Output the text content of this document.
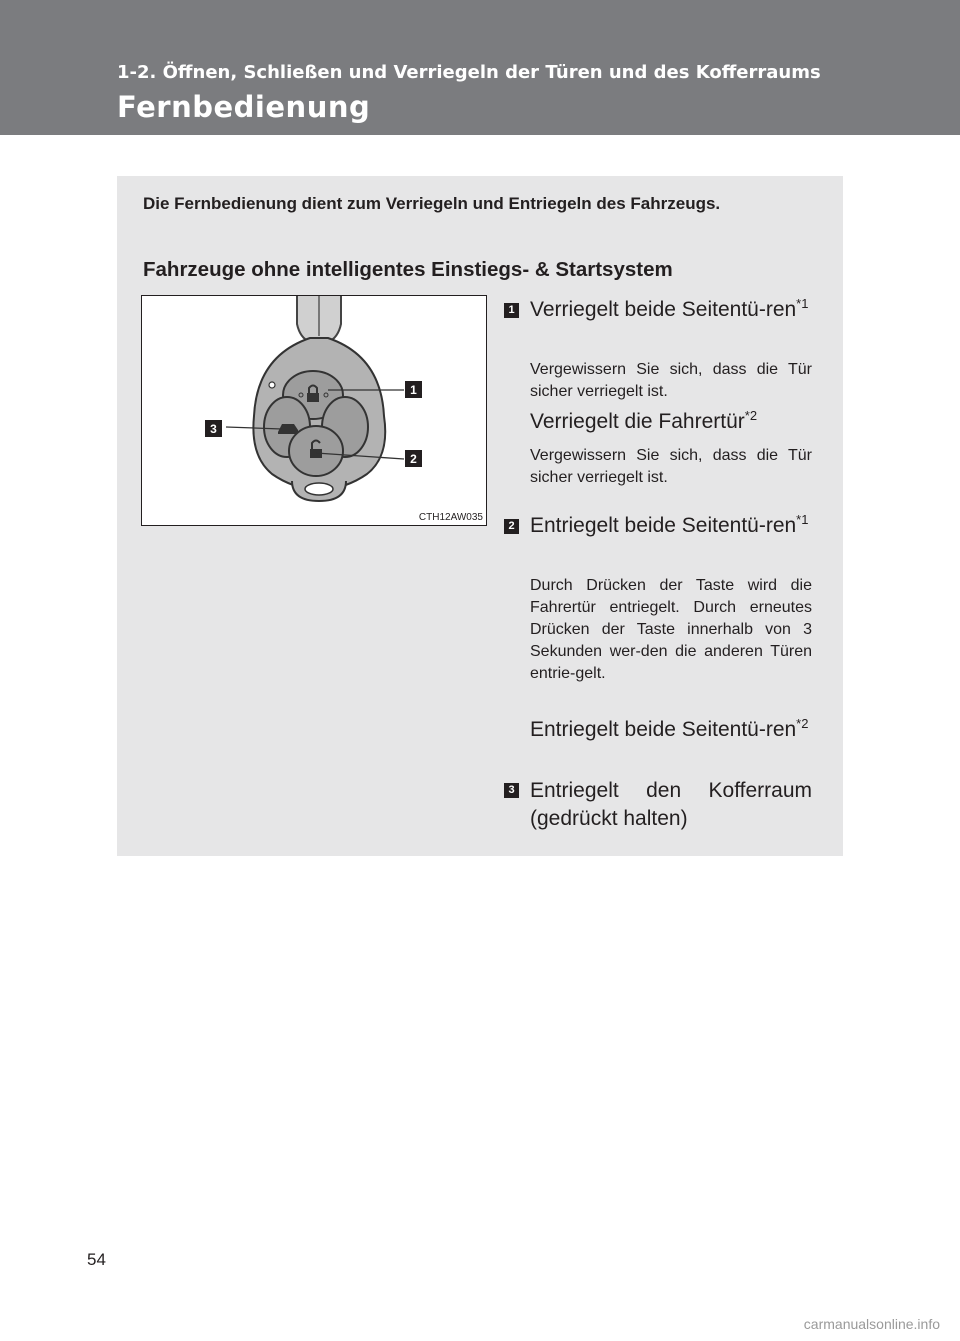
1-2. Öffnen, Schließen und Verriegeln der Türen und des Kofferraums

Fernbedienung

Die Fernbedienung dient zum Verriegeln und Entriegeln des Fahrzeugs.

Fahrzeuge ohne intelligentes Einstiegs- & Startsystem
1
2
3
CTH12AW035
1 Verriegelt beide Seitentü-ren$^{*1}$

Vergewissern Sie sich, dass die Tür sicher verriegelt ist.

Verriegelt die Fahrertür$^{*2}$

Vergewissern Sie sich, dass die Tür sicher verriegelt ist.

2 Entriegelt beide Seitentü-ren$^{*1}$

Durch Drücken der Taste wird die Fahrertür entriegelt. Durch erneutes Drücken der Taste innerhalb von 3 Sekunden wer-den die anderen Türen entrie-gelt.

Entriegelt beide Seitentü-ren$^{*2}$

3 Entriegelt den Kofferraum (gedrückt halten)

54
carmanualsonline.info
